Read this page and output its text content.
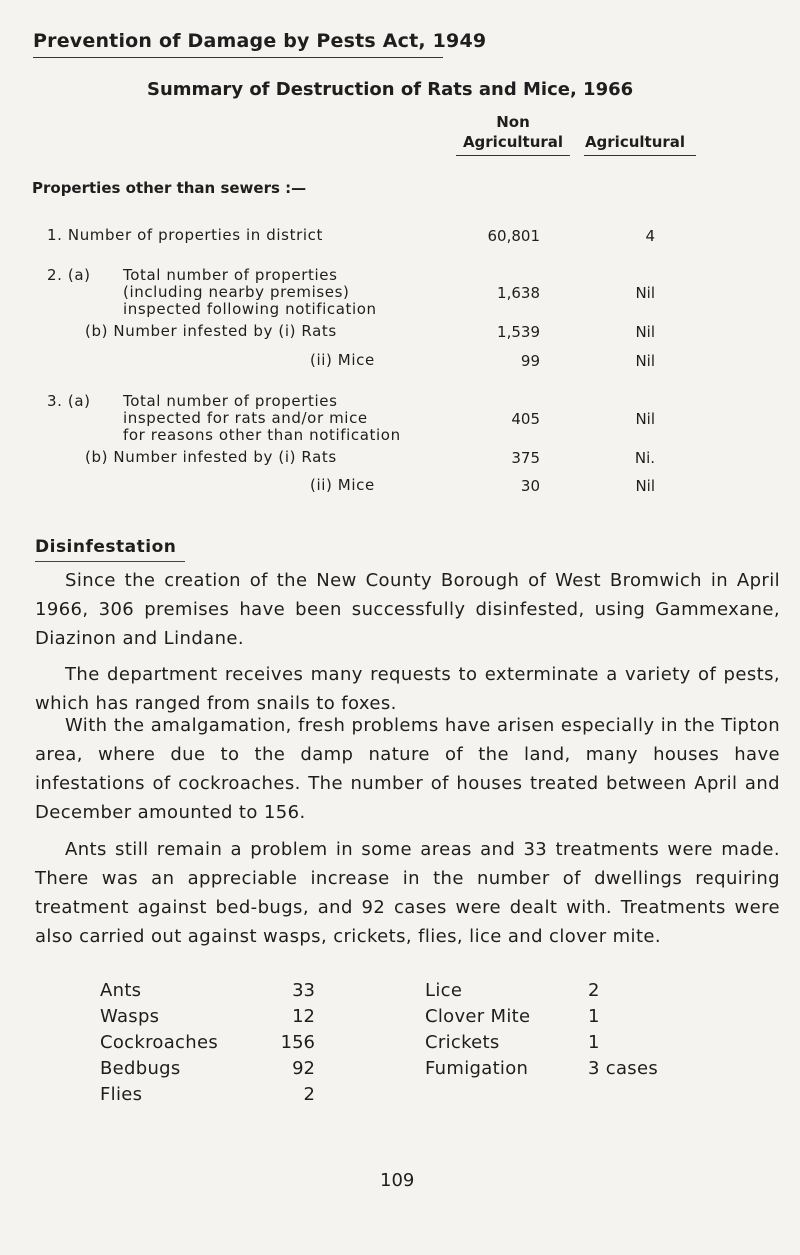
Prevention of Damage by Pests Act, 1949
Summary of Destruction of Rats and Mice, 1966
Non
Agricultural	Agricultural
Properties other than sewers :—
1. Number of properties in district	60,801	4
2. (a) Total number of properties
(including nearby premises)
inspected following notification
1,638	Nil
(b) Number infested by (i) Rats	1,539	Nil
(ii) Mice	99	Nil
3. (a) Total number of properties
inspected for rats and/or mice
for reasons other than notification
405	Nil
(b) Number infested by (i) Rats	375	Ni.
(ii) Mice	30	Nil
Disinfestation

Since the creation of the New County Borough of West Bromwich in April 1966, 306 premises have been successfully disinfested, using Gammexane, Diazinon and Lindane.

The department receives many requests to exterminate a variety of pests, which has ranged from snails to foxes.

With the amalgamation, fresh problems have arisen especially in the Tipton area, where due to the damp nature of the land, many houses have infestations of cockroaches. The number of houses treated between April and December amounted to 156.

Ants still remain a problem in some areas and 33 treatments were made. There was an appreciable increase in the number of dwellings requiring treatment against bed-bugs, and 92 cases were dealt with. Treatments were also carried out against wasps, crickets, flies, lice and clover mite.

Ants	33
Wasps	12
Cockroaches	156
Bedbugs	92
Flies	2
Lice	2
Clover Mite	1
Crickets	1
Fumigation	3 cases
109
